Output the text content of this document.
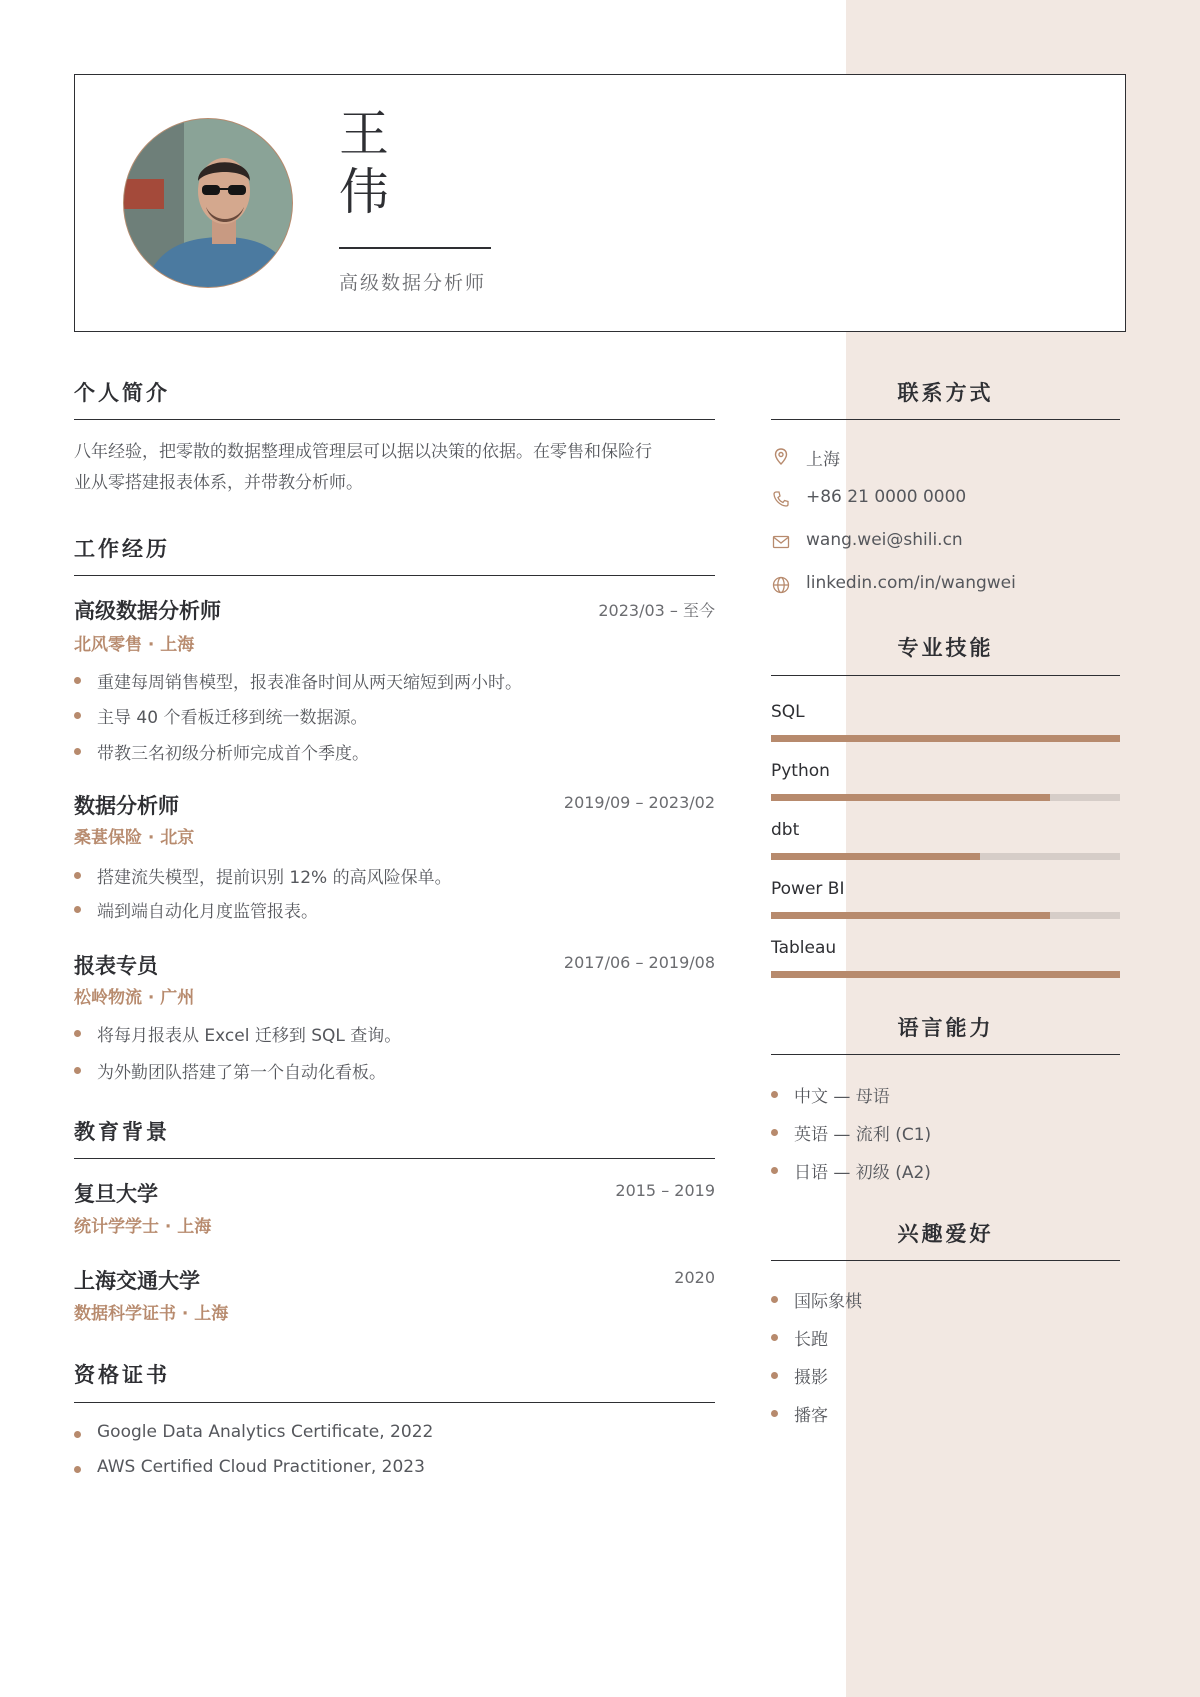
王伟
高级数据分析师
个人简介
八年经验，把零散的数据整理成管理层可以据以决策的依据。在零售和保险行
业从零搭建报表体系，并带教分析师。
工作经历
高级数据分析师	2023/03 – 至今
北风零售 · 上海
重建每周销售模型，报表准备时间从两天缩短到两小时。
主导 40 个看板迁移到统一数据源。
带教三名初级分析师完成首个季度。
数据分析师	2019/09 – 2023/02
桑葚保险 · 北京
搭建流失模型，提前识别 12% 的高风险保单。
端到端自动化月度监管报表。
报表专员	2017/06 – 2019/08
松岭物流 · 广州
将每月报表从 Excel 迁移到 SQL 查询。
为外勤团队搭建了第一个自动化看板。
教育背景
复旦大学	2015 – 2019
统计学学士 · 上海
上海交通大学	2020
数据科学证书 · 上海
资格证书
Google Data Analytics Certificate, 2022
AWS Certified Cloud Practitioner, 2023
联系方式
上海
+86 21 0000 0000
wang.wei@shili.cn
linkedin.com/in/wangwei
专业技能
SQL
Python
dbt
Power BI
Tableau
语言能力
中文 — 母语
英语 — 流利 (C1)
日语 — 初级 (A2)
兴趣爱好
国际象棋
长跑
摄影
播客
